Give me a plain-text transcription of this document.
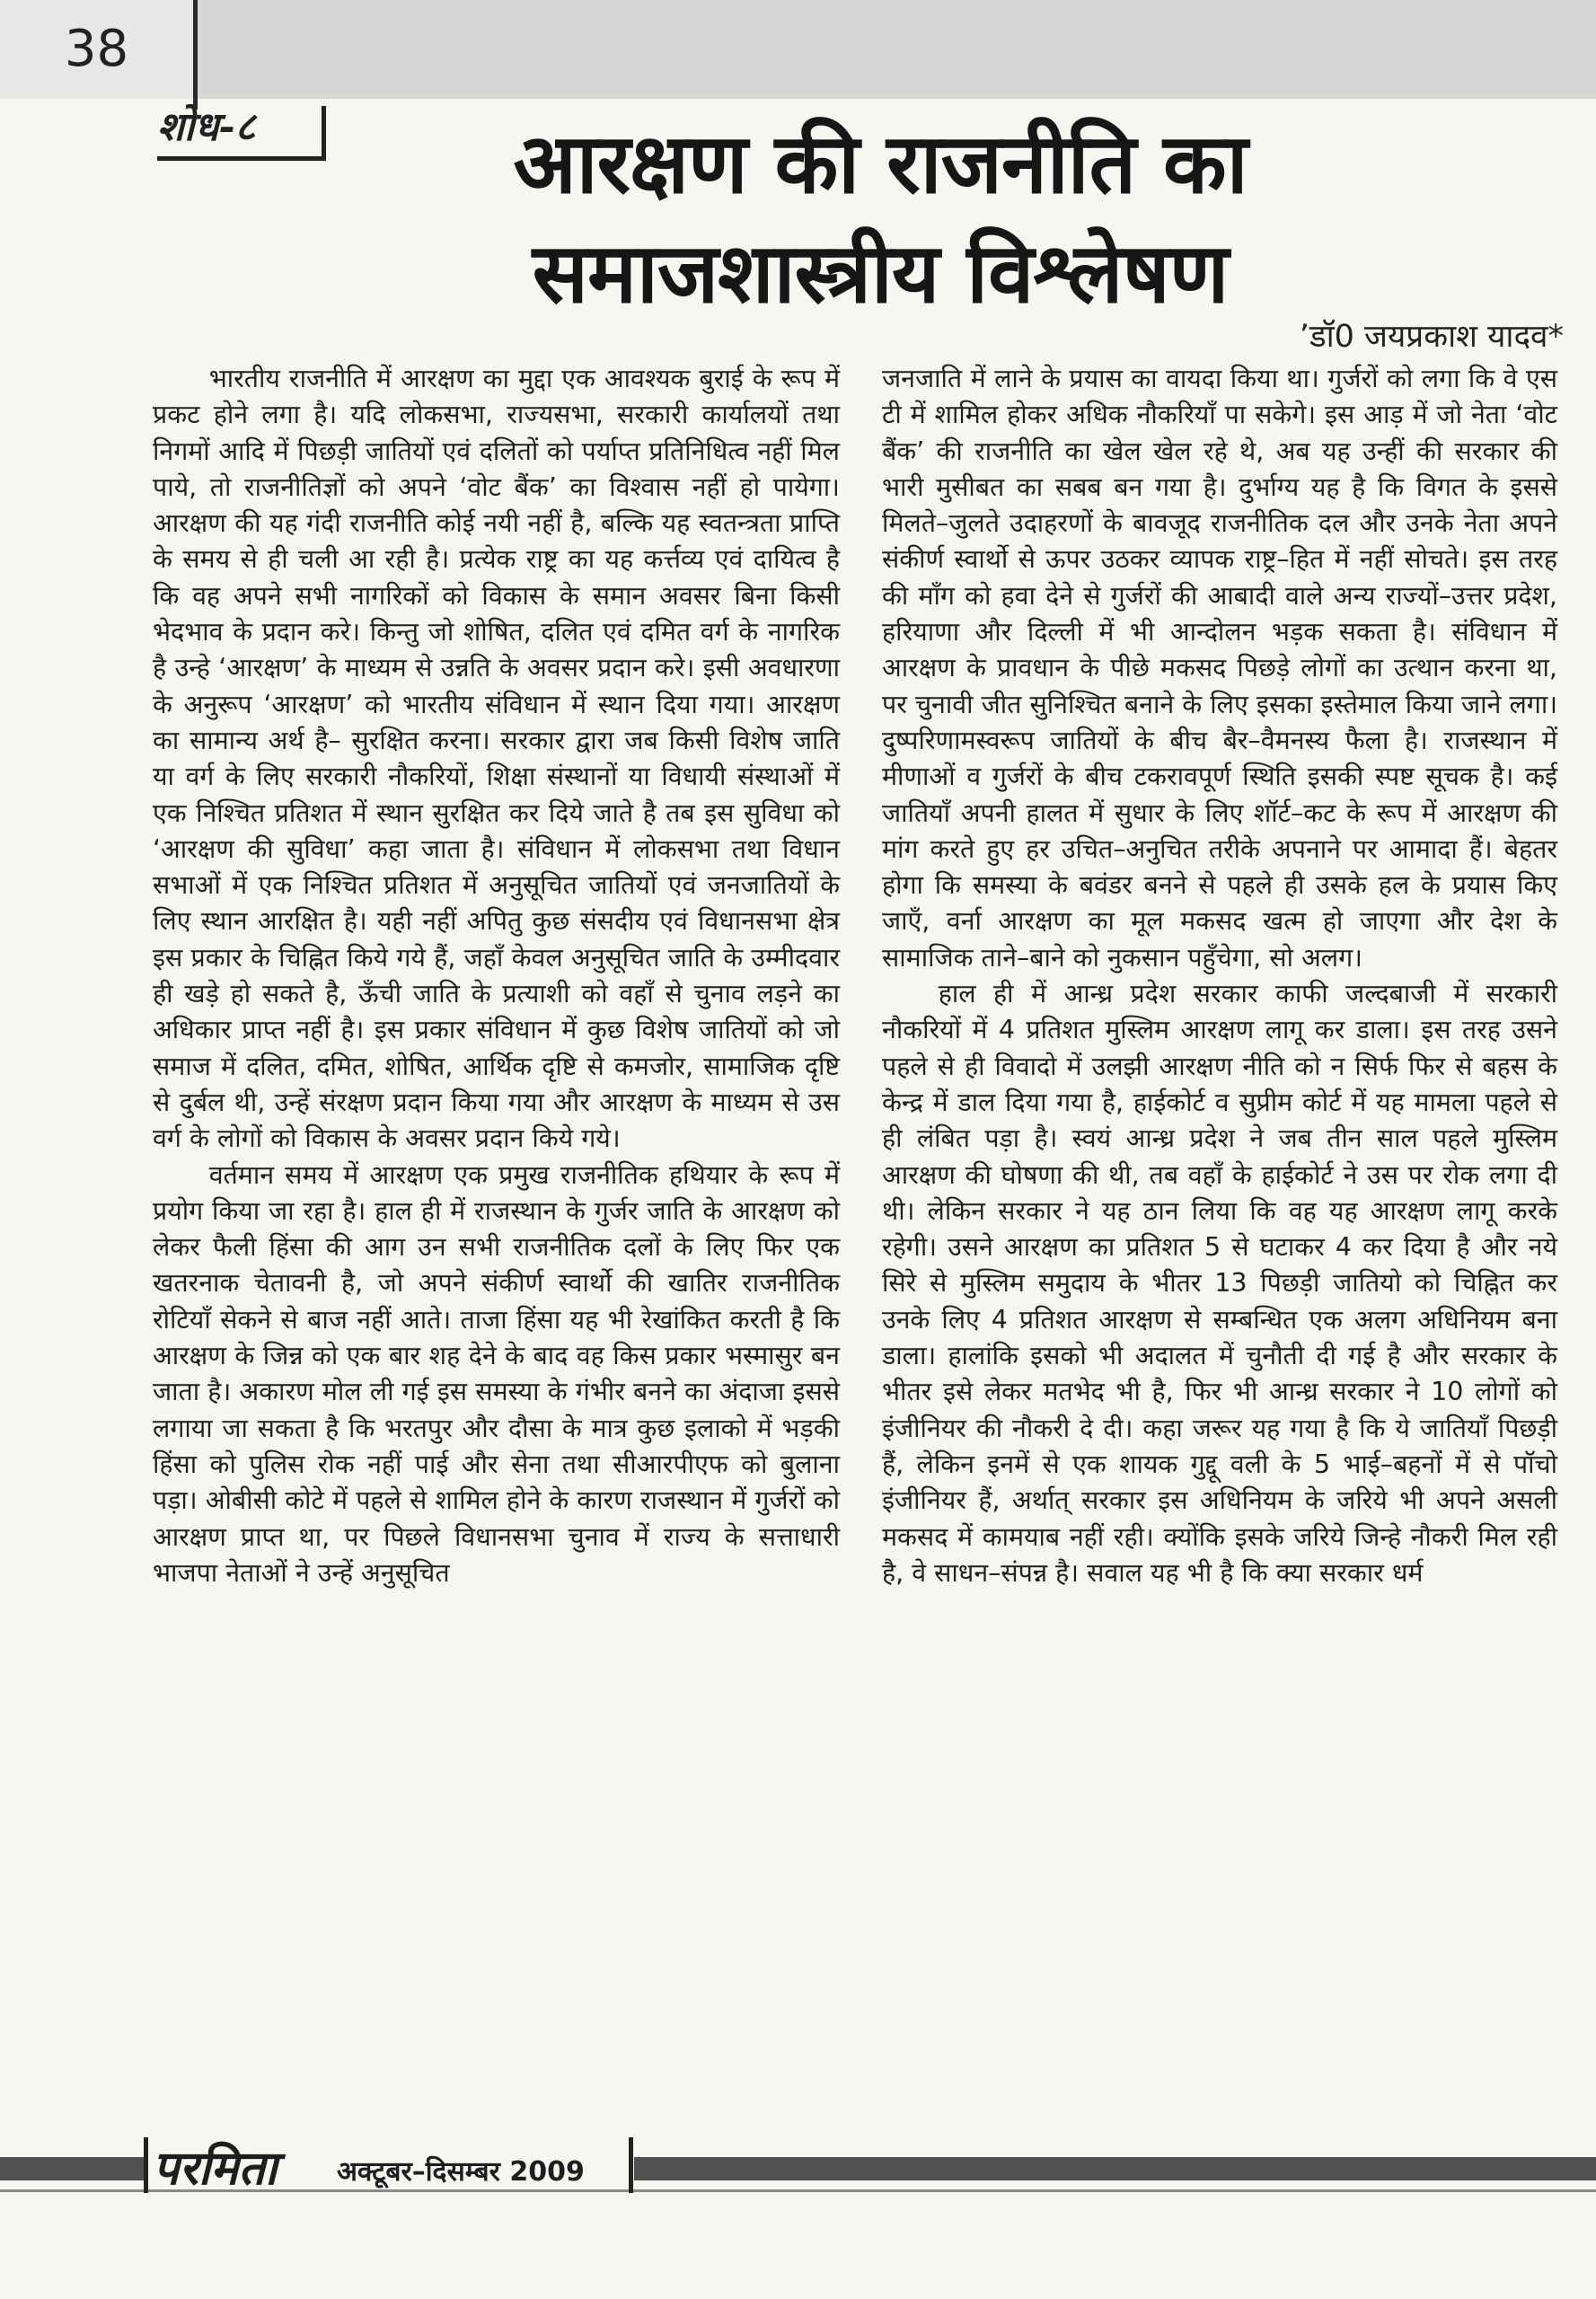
38
शोध-८	आरक्षण की राजनीति का
समाजशास्त्रीय विश्लेषण
’डॉ0 जयप्रकाश यादव*

भारतीय राजनीति में आरक्षण का मुद्दा एक आवश्यक बुराई के रूप में प्रकट होने लगा है। यदि लोकसभा, राज्यसभा, सरकारी कार्यालयों तथा निगमों आदि में पिछड़ी जातियों एवं दलितों को पर्याप्त प्रतिनिधित्व नहीं मिल पाये, तो राजनीतिज्ञों को अपने ‘वोट बैंक’ का विश्वास नहीं हो पायेगा। आरक्षण की यह गंदी राजनीति कोई नयी नहीं है, बल्कि यह स्वतन्त्रता प्राप्ति के समय से ही चली आ रही है। प्रत्येक राष्ट्र का यह कर्त्तव्य एवं दायित्व है कि वह अपने सभी नागरिकों को विकास के समान अवसर बिना किसी भेदभाव के प्रदान करे। किन्तु जो शोषित, दलित एवं दमित वर्ग के नागरिक है उन्हे ‘आरक्षण’ के माध्यम से उन्नति के अवसर प्रदान करे। इसी अवधारणा के अनुरूप ‘आरक्षण’ को भारतीय संविधान में स्थान दिया गया। आरक्षण का सामान्य अर्थ है– सुरक्षित करना। सरकार द्वारा जब किसी विशेष जाति या वर्ग के लिए सरकारी नौकरियों, शिक्षा संस्थानों या विधायी संस्थाओं में एक निश्चित प्रतिशत में स्थान सुरक्षित कर दिये जाते है तब इस सुविधा को ‘आरक्षण की सुविधा’ कहा जाता है। संविधान में लोकसभा तथा विधान सभाओं में एक निश्चित प्रतिशत में अनुसूचित जातियों एवं जनजातियों के लिए स्थान आरक्षित है। यही नहीं अपितु कुछ संसदीय एवं विधानसभा क्षेत्र इस प्रकार के चिह्नित किये गये हैं, जहाँ केवल अनुसूचित जाति के उम्मीदवार ही खड़े हो सकते है, ऊँची जाति के प्रत्याशी को वहाँ से चुनाव लड़ने का अधिकार प्राप्त नहीं है। इस प्रकार संविधान में कुछ विशेष जातियों को जो समाज में दलित, दमित, शोषित, आर्थिक दृष्टि से कमजोर, सामाजिक दृष्टि से दुर्बल थी, उन्हें संरक्षण प्रदान किया गया और आरक्षण के माध्यम से उस वर्ग के लोगों को विकास के अवसर प्रदान किये गये।

वर्तमान समय में आरक्षण एक प्रमुख राजनीतिक हथियार के रूप में प्रयोग किया जा रहा है। हाल ही में राजस्थान के गुर्जर जाति के आरक्षण को लेकर फैली हिंसा की आग उन सभी राजनीतिक दलों के लिए फिर एक खतरनाक चेतावनी है, जो अपने संकीर्ण स्वार्थो की खातिर राजनीतिक रोटियाँ सेकने से बाज नहीं आते। ताजा हिंसा यह भी रेखांकित करती है कि आरक्षण के जिन्न को एक बार शह देने के बाद वह किस प्रकार भस्मासुर बन जाता है। अकारण मोल ली गई इस समस्या के गंभीर बनने का अंदाजा इससे लगाया जा सकता है कि भरतपुर और दौसा के मात्र कुछ इलाको में भड़की हिंसा को पुलिस रोक नहीं पाई और सेना तथा सीआरपीएफ को बुलाना पड़ा। ओबीसी कोटे में पहले से शामिल होने के कारण राजस्थान में गुर्जरों को आरक्षण प्राप्त था, पर पिछले विधानसभा चुनाव में राज्य के सत्ताधारी भाजपा नेताओं ने उन्हें अनुसूचित

जनजाति में लाने के प्रयास का वायदा किया था। गुर्जरों को लगा कि वे एस टी में शामिल होकर अधिक नौकरियाँ पा सकेगे। इस आड़ में जो नेता ‘वोट बैंक’ की राजनीति का खेल खेल रहे थे, अब यह उन्हीं की सरकार की भारी मुसीबत का सबब बन गया है। दुर्भाग्य यह है कि विगत के इससे मिलते–जुलते उदाहरणों के बावजूद राजनीतिक दल और उनके नेता अपने संकीर्ण स्वार्थो से ऊपर उठकर व्यापक राष्ट्र–हित में नहीं सोचते। इस तरह की माँग को हवा देने से गुर्जरों की आबादी वाले अन्य राज्यों–उत्तर प्रदेश, हरियाणा और दिल्ली में भी आन्दोलन भड़क सकता है। संविधान में आरक्षण के प्रावधान के पीछे मकसद पिछड़े लोगों का उत्थान करना था, पर चुनावी जीत सुनिश्चित बनाने के लिए इसका इस्तेमाल किया जाने लगा। दुष्परिणामस्वरूप जातियों के बीच बैर–वैमनस्य फैला है। राजस्थान में मीणाओं व गुर्जरों के बीच टकरावपूर्ण स्थिति इसकी स्पष्ट सूचक है। कई जातियाँ अपनी हालत में सुधार के लिए शॉर्ट–कट के रूप में आरक्षण की मांग करते हुए हर उचित–अनुचित तरीके अपनाने पर आमादा हैं। बेहतर होगा कि समस्या के बवंडर बनने से पहले ही उसके हल के प्रयास किए जाएँ, वर्ना आरक्षण का मूल मकसद खत्म हो जाएगा और देश के सामाजिक ताने–बाने को नुकसान पहुँचेगा, सो अलग।

हाल ही में आन्ध्र प्रदेश सरकार काफी जल्दबाजी में सरकारी नौकरियों में 4 प्रतिशत मुस्लिम आरक्षण लागू कर डाला। इस तरह उसने पहले से ही विवादो में उलझी आरक्षण नीति को न सिर्फ फिर से बहस के केन्द्र में डाल दिया गया है, हाईकोर्ट व सुप्रीम कोर्ट में यह मामला पहले से ही लंबित पड़ा है। स्वयं आन्ध्र प्रदेश ने जब तीन साल पहले मुस्लिम आरक्षण की घोषणा की थी, तब वहाँ के हाईकोर्ट ने उस पर रोक लगा दी थी। लेकिन सरकार ने यह ठान लिया कि वह यह आरक्षण लागू करके रहेगी। उसने आरक्षण का प्रतिशत 5 से घटाकर 4 कर दिया है और नये सिरे से मुस्लिम समुदाय के भीतर 13 पिछड़ी जातियो को चिह्नित कर उनके लिए 4 प्रतिशत आरक्षण से सम्बन्धित एक अलग अधिनियम बना डाला। हालांकि इसको भी अदालत में चुनौती दी गई है और सरकार के भीतर इसे लेकर मतभेद भी है, फिर भी आन्ध्र सरकार ने 10 लोगों को इंजीनियर की नौकरी दे दी। कहा जरूर यह गया है कि ये जातियाँ पिछड़ी हैं, लेकिन इनमें से एक शायक गुद्दू वली के 5 भाई–बहनों में से पॉचो इंजीनियर हैं, अर्थात् सरकार इस अधिनियम के जरिये भी अपने असली मकसद में कामयाब नहीं रही। क्योंकि इसके जरिये जिन्हे नौकरी मिल रही है, वे साधन–संपन्न है। सवाल यह भी है कि क्या सरकार धर्म

परमिता अक्टूबर–दिसम्बर 2009
